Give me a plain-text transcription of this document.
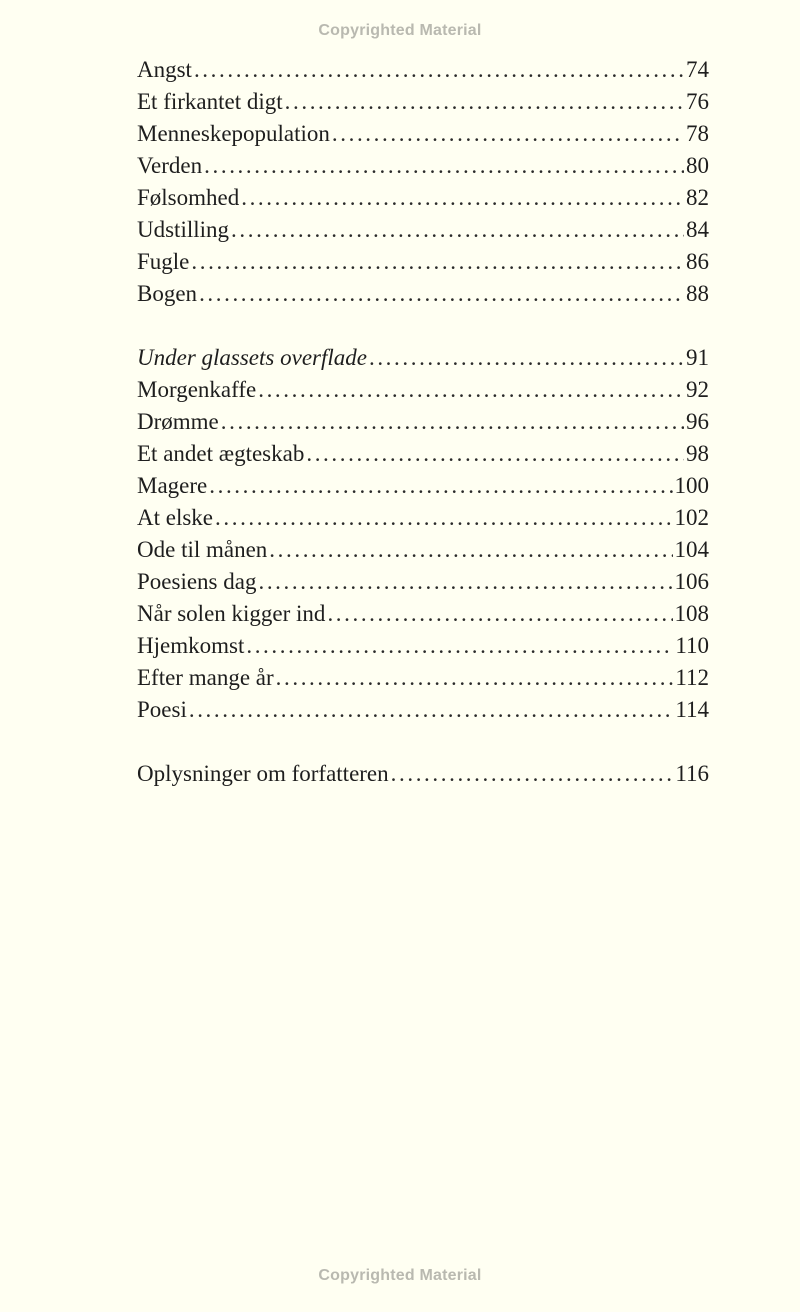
Copyrighted Material
Angst .....	74
Et firkantet digt .....	76
Menneskepopulation .....	78
Verden .....	80
Følsomhed .....	82
Udstilling .....	84
Fugle .....	86
Bogen .....	88
Under glassets overflade .....	91
Morgenkaffe .....	92
Drømme .....	96
Et andet ægteskab .....	98
Magere .....	100
At elske .....	102
Ode til månen .....	104
Poesiens dag .....	106
Når solen kigger ind .....	108
Hjemkomst .....	110
Efter mange år .....	112
Poesi .....	114
Oplysninger om forfatteren .....	116
Copyrighted Material
